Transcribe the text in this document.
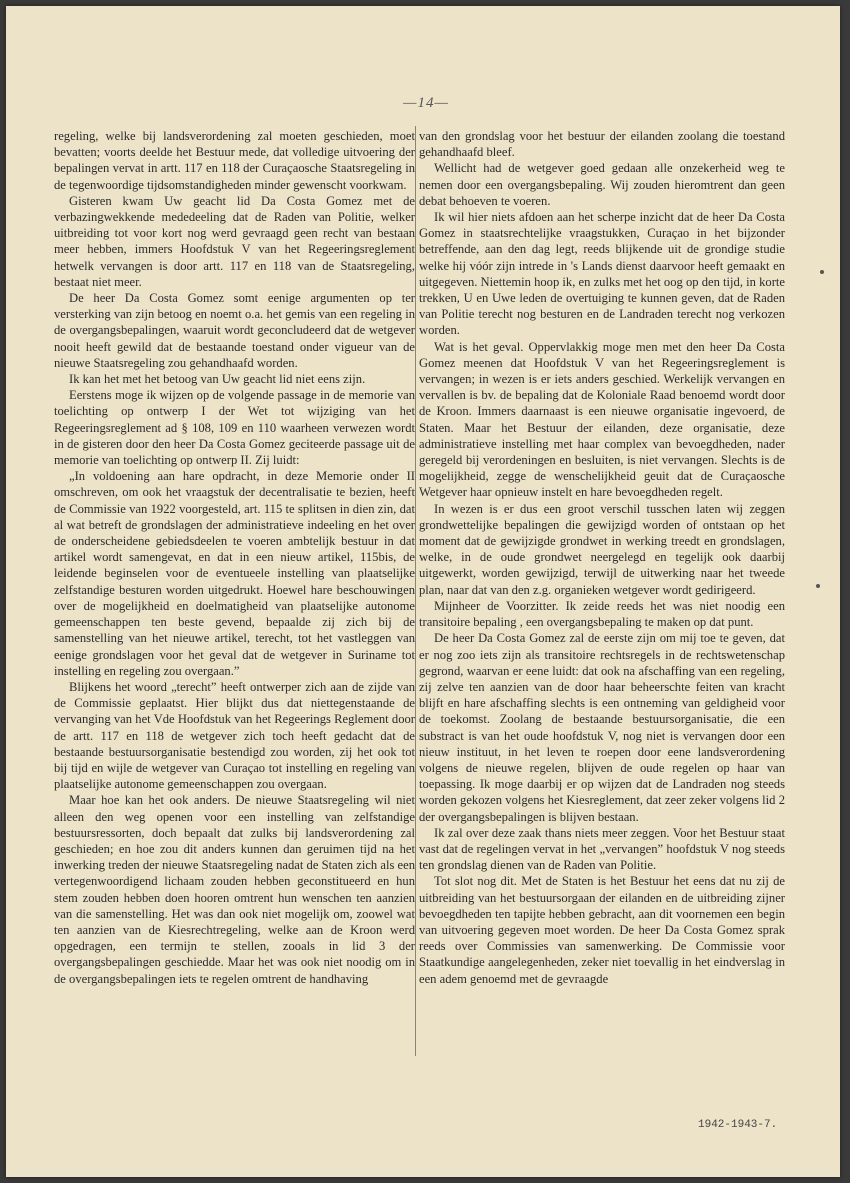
—14—

regeling, welke bij landsverordening zal moeten geschieden, moet bevatten; voorts deelde het Bestuur mede, dat volledige uitvoering der bepalingen vervat in artt. 117 en 118 der Curaçaosche Staatsregeling in de tegenwoordige tijdsomstandigheden minder gewenscht voorkwam.

Gisteren kwam Uw geacht lid Da Costa Gomez met de verbazingwekkende mededeeling dat de Raden van Politie, welker uitbreiding tot voor kort nog werd gevraagd geen recht van bestaan meer hebben, immers Hoofdstuk V van het Regeeringsreglement hetwelk vervangen is door artt. 117 en 118 van de Staatsregeling, bestaat niet meer.

De heer Da Costa Gomez somt eenige argumenten op ter versterking van zijn betoog en noemt o.a. het gemis van een regeling in de overgangsbepalingen, waaruit wordt geconcludeerd dat de wetgever nooit heeft gewild dat de bestaande toestand onder vigueur van de nieuwe Staatsregeling zou gehandhaafd worden.

Ik kan het met het betoog van Uw geacht lid niet eens zijn.

Eerstens moge ik wijzen op de volgende passage in de memorie van toelichting op ontwerp I der Wet tot wijziging van het Regeeringsreglement ad § 108, 109 en 110 waarheen verwezen wordt in de gisteren door den heer Da Costa Gomez geciteerde passage uit de memorie van toelichting op ontwerp II. Zij luidt:

„In voldoening aan hare opdracht, in deze Memorie onder II omschreven, om ook het vraagstuk der decentralisatie te bezien, heeft de Commissie van 1922 voorgesteld, art. 115 te splitsen in dien zin, dat al wat betreft de grondslagen der administratieve indeeling en het over de onderscheidene gebiedsdeelen te voeren ambtelijk bestuur in dat artikel wordt samengevat, en dat in een nieuw artikel, 115bis, de leidende beginselen voor de eventueele instelling van plaatselijke zelfstandige besturen worden uitgedrukt. Hoewel hare beschouwingen over de mogelijkheid en doelmatigheid van plaatselijke autonome gemeenschappen ten beste gevend, bepaalde zij zich bij de samenstelling van het nieuwe artikel, terecht, tot het vastleggen van eenige grondslagen voor het geval dat de wetgever in Suriname tot instelling en regeling zou overgaan.”

Blijkens het woord „terecht” heeft ontwerper zich aan de zijde van de Commissie geplaatst. Hier blijkt dus dat niettegenstaande de vervanging van het Vde Hoofdstuk van het Regeerings Reglement door de artt. 117 en 118 de wetgever zich toch heeft gedacht dat de bestaande bestuursorganisatie bestendigd zou worden, zij het ook tot bij tijd en wijle de wetgever van Curaçao tot instelling en regeling van plaatselijke autonome gemeenschappen zou overgaan.

Maar hoe kan het ook anders. De nieuwe Staatsregeling wil niet alleen den weg openen voor een instelling van zelfstandige bestuursressorten, doch bepaalt dat zulks bij landsverordening zal geschieden; en hoe zou dit anders kunnen dan geruimen tijd na het inwerking treden der nieuwe Staatsregeling nadat de Staten zich als een vertegenwoordigend lichaam zouden hebben geconstitueerd en hun stem zouden hebben doen hooren omtrent hun wenschen ten aanzien van die samenstelling. Het was dan ook niet mogelijk om, zoowel wat ten aanzien van de Kiesrechtregeling, welke aan de Kroon werd opgedragen, een termijn te stellen, zooals in lid 3 der overgangsbepalingen geschiedde. Maar het was ook niet noodig om in de overgangsbepalingen iets te regelen omtrent de handhaving

van den grondslag voor het bestuur der eilanden zoolang die toestand gehandhaafd bleef.

Wellicht had de wetgever goed gedaan alle onzekerheid weg te nemen door een overgangsbepaling. Wij zouden hieromtrent dan geen debat behoeven te voeren.

Ik wil hier niets afdoen aan het scherpe inzicht dat de heer Da Costa Gomez in staatsrechtelijke vraagstukken, Curaçao in het bijzonder betreffende, aan den dag legt, reeds blijkende uit de grondige studie welke hij vóór zijn intrede in 's Lands dienst daarvoor heeft gemaakt en uitgegeven. Niettemin hoop ik, en zulks met het oog op den tijd, in korte trekken, U en Uwe leden de overtuiging te kunnen geven, dat de Raden van Politie terecht nog besturen en de Landraden terecht nog verkozen worden.

Wat is het geval. Oppervlakkig moge men met den heer Da Costa Gomez meenen dat Hoofdstuk V van het Regeeringsreglement is vervangen; in wezen is er iets anders geschied. Werkelijk vervangen en vervallen is bv. de bepaling dat de Koloniale Raad benoemd wordt door de Kroon. Immers daarnaast is een nieuwe organisatie ingevoerd, de Staten. Maar het Bestuur der eilanden, deze organisatie, deze administratieve instelling met haar complex van bevoegdheden, nader geregeld bij verordeningen en besluiten, is niet vervangen. Slechts is de mogelijkheid, zegge de wenschelijkheid geuit dat de Curaçaosche Wetgever haar opnieuw instelt en hare bevoegdheden regelt.

In wezen is er dus een groot verschil tusschen laten wij zeggen grondwettelijke bepalingen die gewijzigd worden of ontstaan op het moment dat de gewijzigde grondwet in werking treedt en grondslagen, welke, in de oude grondwet neergelegd en tegelijk ook daarbij uitgewerkt, worden gewijzigd, terwijl de uitwerking naar het tweede plan, naar dat van den z.g. organieken wetgever wordt gedirigeerd.

Mijnheer de Voorzitter. Ik zeide reeds het was niet noodig een transitoire bepaling , een overgangsbepaling te maken op dat punt.

De heer Da Costa Gomez zal de eerste zijn om mij toe te geven, dat er nog zoo iets zijn als transitoire rechtsregels in de rechtswetenschap gegrond, waarvan er eene luidt: dat ook na afschaffing van een regeling, zij zelve ten aanzien van de door haar beheerschte feiten van kracht blijft en hare afschaffing slechts is een ontneming van geldigheid voor de toekomst. Zoolang de bestaande bestuursorganisatie, die een substract is van het oude hoofdstuk V, nog niet is vervangen door een nieuw instituut, in het leven te roepen door eene landsverordening volgens de nieuwe regelen, blijven de oude regelen op haar van toepassing. Ik moge daarbij er op wijzen dat de Landraden nog steeds worden gekozen volgens het Kiesreglement, dat zeer zeker volgens lid 2 der overgangsbepalingen is blijven bestaan.

Ik zal over deze zaak thans niets meer zeggen. Voor het Bestuur staat vast dat de regelingen vervat in het „vervangen” hoofdstuk V nog steeds ten grondslag dienen van de Raden van Politie.

Tot slot nog dit. Met de Staten is het Bestuur het eens dat nu zij de uitbreiding van het bestuursorgaan der eilanden en de uitbreiding zijner bevoegdheden ten tapijte hebben gebracht, aan dit voornemen een begin van uitvoering gegeven moet worden. De heer Da Costa Gomez sprak reeds over Commissies van samenwerking. De Commissie voor Staatkundige aangelegenheden, zeker niet toevallig in het eindverslag in een adem genoemd met de gevraagde

1942-1943-7.
